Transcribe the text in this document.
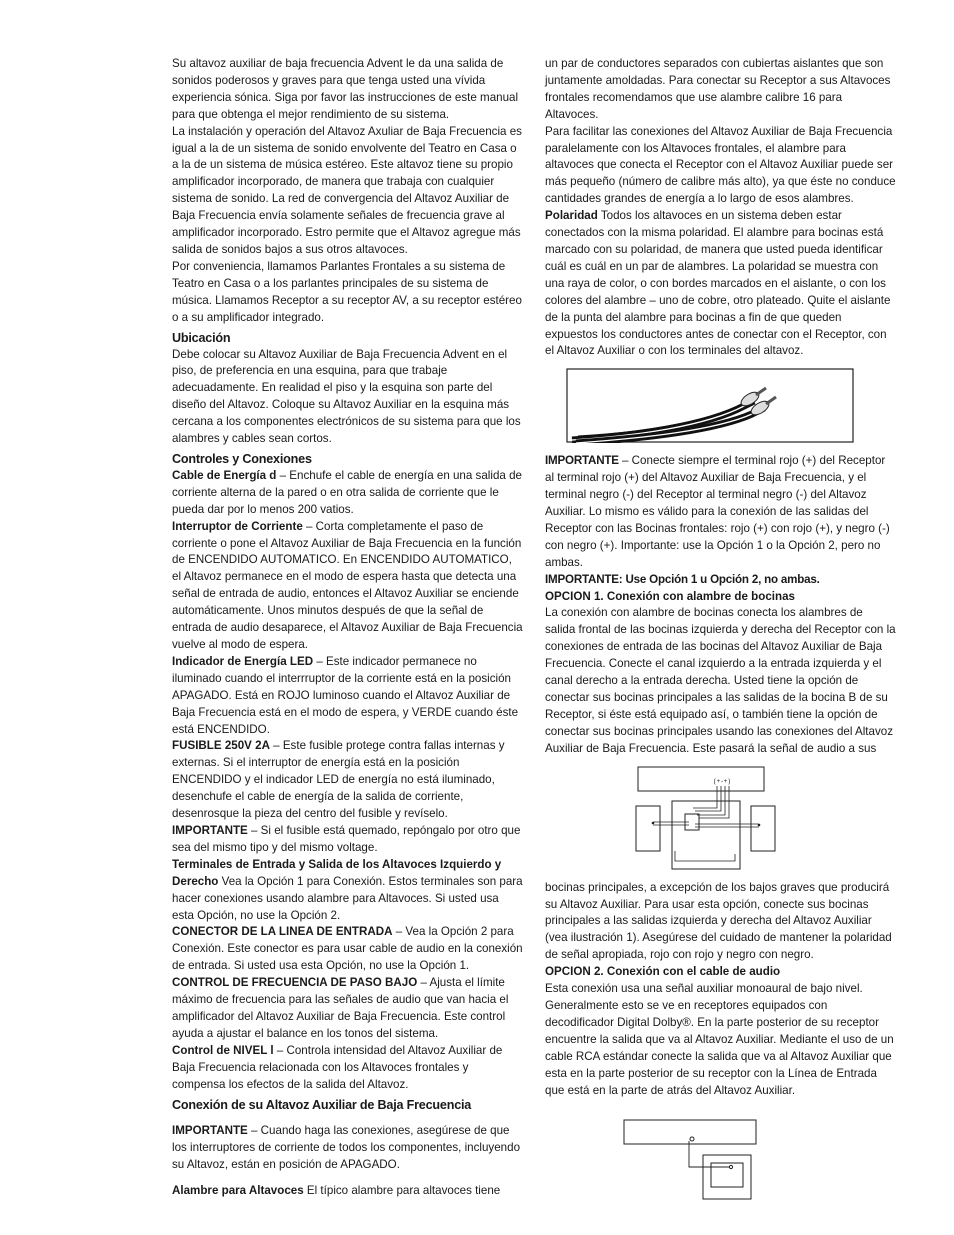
Su altavoz auxiliar de baja frecuencia Advent le da una salida de sonidos poderosos y graves para que tenga usted una vívida experiencia sónica. Siga por favor las instrucciones de este manual para que obtenga el mejor rendimiento de su sistema.

La instalación y operación del Altavoz Axuliar de Baja Frecuencia es igual a la de un sistema de sonido envolvente del Teatro en Casa o a la de un sistema de música estéreo. Este altavoz tiene su propio amplificador incorporado, de manera que trabaja con cualquier sistema de sonido. La red de convergencia del Altavoz Auxiliar de Baja Frecuencia envía solamente señales de frecuencia grave al amplificador incorporado. Estro permite que el Altavoz agregue más salida de sonidos bajos a sus otros altavoces.

Por conveniencia, llamamos Parlantes Frontales a su sistema de Teatro en Casa o a los parlantes principales de su sistema de música. Llamamos Receptor a su receptor AV, a su receptor estéreo o a su amplificador integrado.

Ubicación

Debe colocar su Altavoz Auxiliar de Baja Frecuencia Advent en el piso, de preferencia en una esquina, para que trabaje adecuadamente. En realidad el piso y la esquina son parte del diseño del Altavoz. Coloque su Altavoz Auxiliar en la esquina más cercana a los componentes electrónicos de su sistema para que los alambres y cables sean cortos.

Controles y Conexiones

Cable de Energía d – Enchufe el cable de energía en una salida de corriente alterna de la pared o en otra salida de corriente que le pueda dar por lo menos 200 vatios.

Interruptor de Corriente – Corta completamente el paso de corriente o pone el Altavoz Auxiliar de Baja Frecuencia en la función de ENCENDIDO AUTOMATICO. En ENCENDIDO AUTOMATICO, el Altavoz permanece en el modo de espera hasta que detecta una señal de entrada de audio, entonces el Altavoz Auxiliar se enciende automáticamente. Unos minutos después de que la señal de entrada de audio desaparece, el Altavoz Auxiliar de Baja Frecuencia vuelve al modo de espera.

Indicador de Energía LED – Este indicador permanece no iluminado cuando el interrruptor de la corriente está en la posición APAGADO. Está en ROJO luminoso cuando el Altavoz Auxiliar de Baja Frecuencia está en el modo de espera, y VERDE cuando éste está ENCENDIDO.

FUSIBLE 250V 2A – Este fusible protege contra fallas internas y externas. Si el interruptor de energía está en la posición ENCENDIDO y el indicador LED de energía no está iluminado, desenchufe el cable de energía de la salida de corriente, desenrosque la pieza del centro del fusible y revíselo.

IMPORTANTE – Si el fusible está quemado, repóngalo por otro que sea del mismo tipo y del mismo voltage.

Terminales de Entrada y Salida de los Altavoces Izquierdo y Derecho Vea la Opción 1 para Conexión. Estos terminales son para hacer conexiones usando alambre para Altavoces. Si usted usa esta Opción, no use la Opción 2.

CONECTOR DE LA LINEA DE ENTRADA – Vea la Opción 2 para Conexión. Este conector es para usar cable de audio en la conexión de entrada. Si usted usa esta Opción, no use la Opción 1.

CONTROL DE FRECUENCIA DE PASO BAJO – Ajusta el límite máximo de frecuencia para las señales de audio que van hacia el amplificador del Altavoz Auxiliar de Baja Frecuencia. Este control ayuda a ajustar el balance en los tonos del sistema.

Control de NIVEL l – Controla intensidad del Altavoz Auxiliar de Baja Frecuencia relacionada con los Altavoces frontales y compensa los efectos de la salida del Altavoz.

Conexión de su Altavoz Auxiliar de Baja Frecuencia

IMPORTANTE – Cuando haga las conexiones, asegúrese de que los interruptores de corriente de todos los componentes, incluyendo su Altavoz, están en posición de APAGADO.

Alambre para Altavoces El típico alambre para altavoces tiene

un par de conductores separados con cubiertas aislantes que son juntamente amoldadas. Para conectar su Receptor a sus Altavoces frontales recomendamos que use alambre calibre 16 para Altavoces.

Para facilitar las conexiones del Altavoz Auxiliar de Baja Frecuencia paralelamente con los Altavoces frontales, el alambre para altavoces que conecta el Receptor con el Altavoz Auxiliar puede ser más pequeño (número de calibre más alto), ya que éste no conduce cantidades grandes de energía a lo largo de esos alambres.

Polaridad Todos los altavoces en un sistema deben estar conectados con la misma polaridad. El alambre para bocinas está marcado con su polaridad, de manera que usted pueda identificar cuál es cuál en un par de alambres. La polaridad se muestra con una raya de color, o con bordes marcados en el aislante, o con los colores del alambre – uno de cobre, otro plateado. Quite el aislante de la punta del alambre para bocinas a fin de que queden expuestos los conductores antes de conectar con el Receptor, con el Altavoz Auxiliar o con los terminales del altavoz.

IMPORTANTE – Conecte siempre el terminal rojo (+) del Receptor al terminal rojo (+) del Altavoz Auxiliar de Baja Frecuencia, y el terminal negro (-) del Receptor al terminal negro (-) del Altavoz Auxiliar. Lo mismo es válido para la conexión de las salidas del Receptor con las Bocinas frontales: rojo (+) con rojo (+), y negro (-) con negro (+). Importante: use la Opción 1 o la Opción 2, pero no ambas.

IMPORTANTE: Use Opción 1 u Opción 2, no ambas.

OPCION 1. Conexión con alambre de bocinas

La conexión con alambre de bocinas conecta los alambres de salida frontal de las bocinas izquierda y derecha del Receptor con la conexiones de entrada de las bocinas del Altavoz Auxiliar de Baja Frecuencia. Conecte el canal izquierdo a la entrada izquierda y el canal derecho a la entrada derecha. Usted tiene la opción de conectar sus bocinas principales a las salidas de la bocina B de su Receptor, si éste está equipado así, o también tiene la opción de conectar sus bocinas principales usando las conexiones del Altavoz Auxiliar de Baja Frecuencia. Este pasará la señal de audio a sus

(+-+)

bocinas principales, a excepción de los bajos graves que producirá su Altavoz Auxiliar. Para usar esta opción, conecte sus bocinas principales a las salidas izquierda y derecha del Altavoz Auxiliar (vea ilustración 1). Asegúrese del cuidado de mantener la polaridad de señal apropiada, rojo con rojo y negro con negro.

OPCION 2. Conexión con el cable de audio

Esta conexión usa una señal auxiliar monoaural de bajo nivel. Generalmente esto se ve en receptores equipados con decodificador Digital Dolby®. En la parte posterior de su receptor encuentre la salida que va al Altavoz Auxiliar. Mediante el uso de un cable RCA estándar conecte la salida que va al Altavoz Auxiliar que esta en la parte posterior de su receptor con la Línea de Entrada que está en la parte de atrás del Altavoz Auxiliar.
